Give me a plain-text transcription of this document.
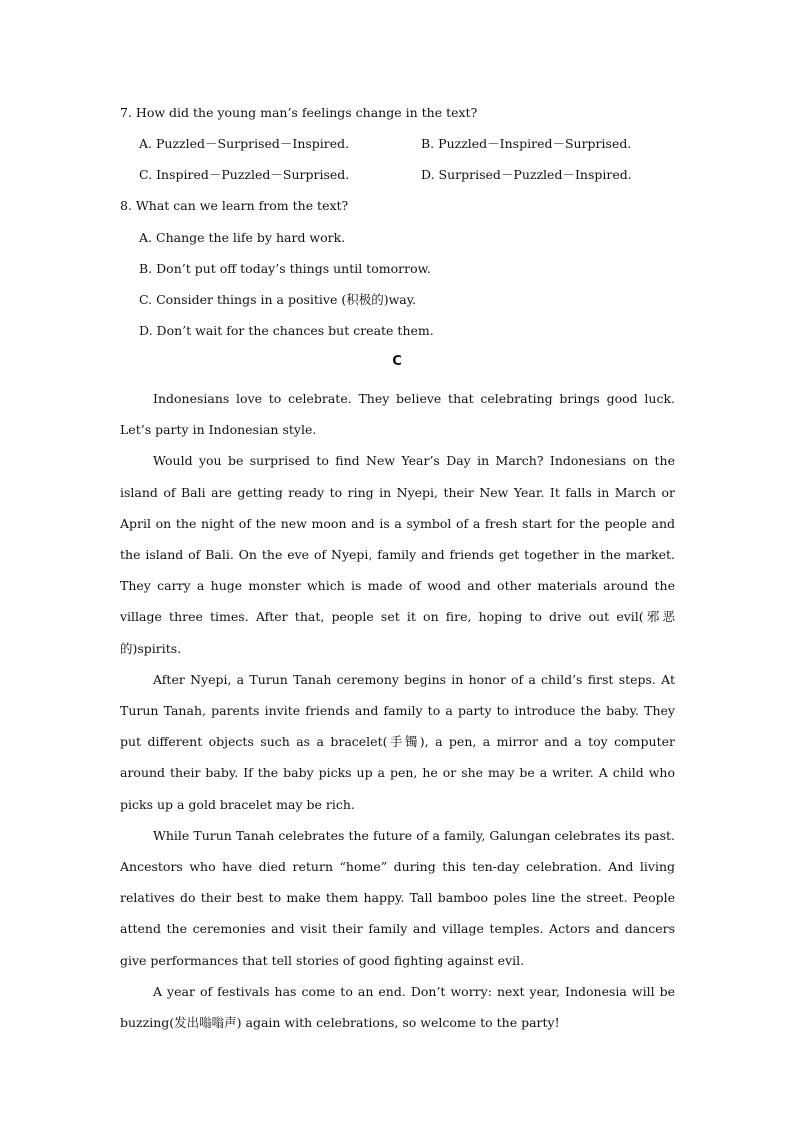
7. How did the young man’s feelings change in the text?
A. Puzzled－Surprised－Inspired.	B. Puzzled－Inspired－Surprised.
C. Inspired－Puzzled－Surprised.	D. Surprised－Puzzled－Inspired.
8. What can we learn from the text?
A. Change the life by hard work.
B. Don’t put off today’s things until tomorrow.
C. Consider things in a positive (积极的)way.
D. Don’t wait for the chances but create them.
C

Indonesians love to celebrate. They believe that celebrating brings good luck. Let’s party in Indonesian style.

Would you be surprised to find New Year’s Day in March? Indonesians on the island of Bali are getting ready to ring in Nyepi, their New Year. It falls in March or April on the night of the new moon and is a symbol of a fresh start for the people and the island of Bali. On the eve of Nyepi, family and friends get together in the market. They carry a huge monster which is made of wood and other materials around the village three times. After that, people set it on fire, hoping to drive out evil(邪恶的)spirits.

After Nyepi, a Turun Tanah ceremony begins in honor of a child’s first steps. At Turun Tanah, parents invite friends and family to a party to introduce the baby. They put different objects such as a bracelet(手镯), a pen, a mirror and a toy computer around their baby. If the baby picks up a pen, he or she may be a writer. A child who picks up a gold bracelet may be rich.

While Turun Tanah celebrates the future of a family, Galungan celebrates its past. Ancestors who have died return “home” during this ten-day celebration. And living relatives do their best to make them happy. Tall bamboo poles line the street. People attend the ceremonies and visit their family and village temples. Actors and dancers give performances that tell stories of good fighting against evil.

A year of festivals has come to an end. Don’t worry: next year, Indonesia will be buzzing(发出嗡嗡声) again with celebrations, so welcome to the party!
